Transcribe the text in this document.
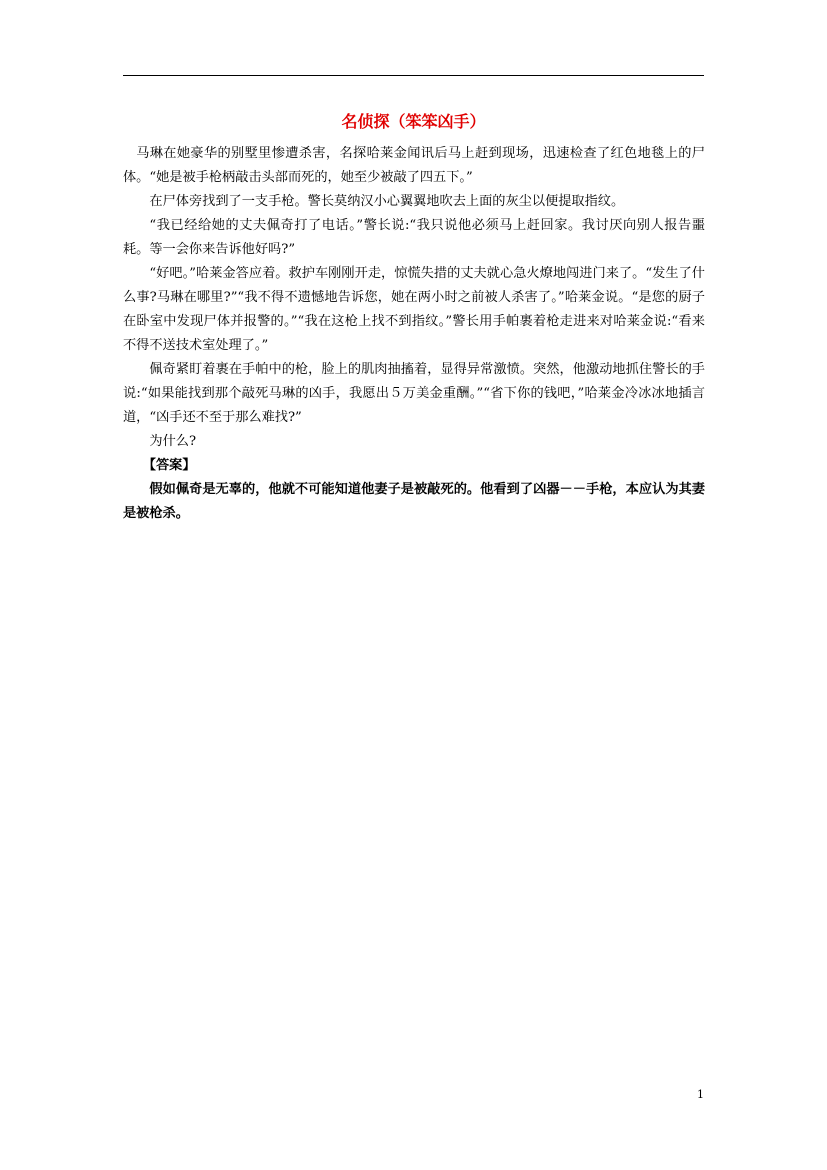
名侦探（笨笨凶手）

马琳在她豪华的别墅里惨遭杀害，名探哈莱金闻讯后马上赶到现场，迅速检查了红色地毯上的尸体。“她是被手枪柄敲击头部而死的，她至少被敲了四五下。”

在尸体旁找到了一支手枪。警长莫纳汉小心翼翼地吹去上面的灰尘以便提取指纹。

“我已经给她的丈夫佩奇打了电话。”警长说:“我只说他必须马上赶回家。我讨厌向别人报告噩耗。等一会你来告诉他好吗?”

“好吧。”哈莱金答应着。救护车刚刚开走，惊慌失措的丈夫就心急火燎地闯进门来了。“发生了什么事?马琳在哪里?”“我不得不遗憾地告诉您，她在两小时之前被人杀害了。”哈莱金说。“是您的厨子在卧室中发现尸体并报警的。”“我在这枪上找不到指纹。”警长用手帕裹着枪走进来对哈莱金说:“看来不得不送技术室处理了。”

佩奇紧盯着裹在手帕中的枪，脸上的肌肉抽搐着，显得异常激愤。突然，他激动地抓住警长的手说:“如果能找到那个敲死马琳的凶手，我愿出５万美金重酬。”“省下你的钱吧，”哈莱金冷冰冰地插言道，“凶手还不至于那么难找?”

为什么?

【答案】

假如佩奇是无辜的，他就不可能知道他妻子是被敲死的。他看到了凶器－－手枪，本应认为其妻是被枪杀。

1
